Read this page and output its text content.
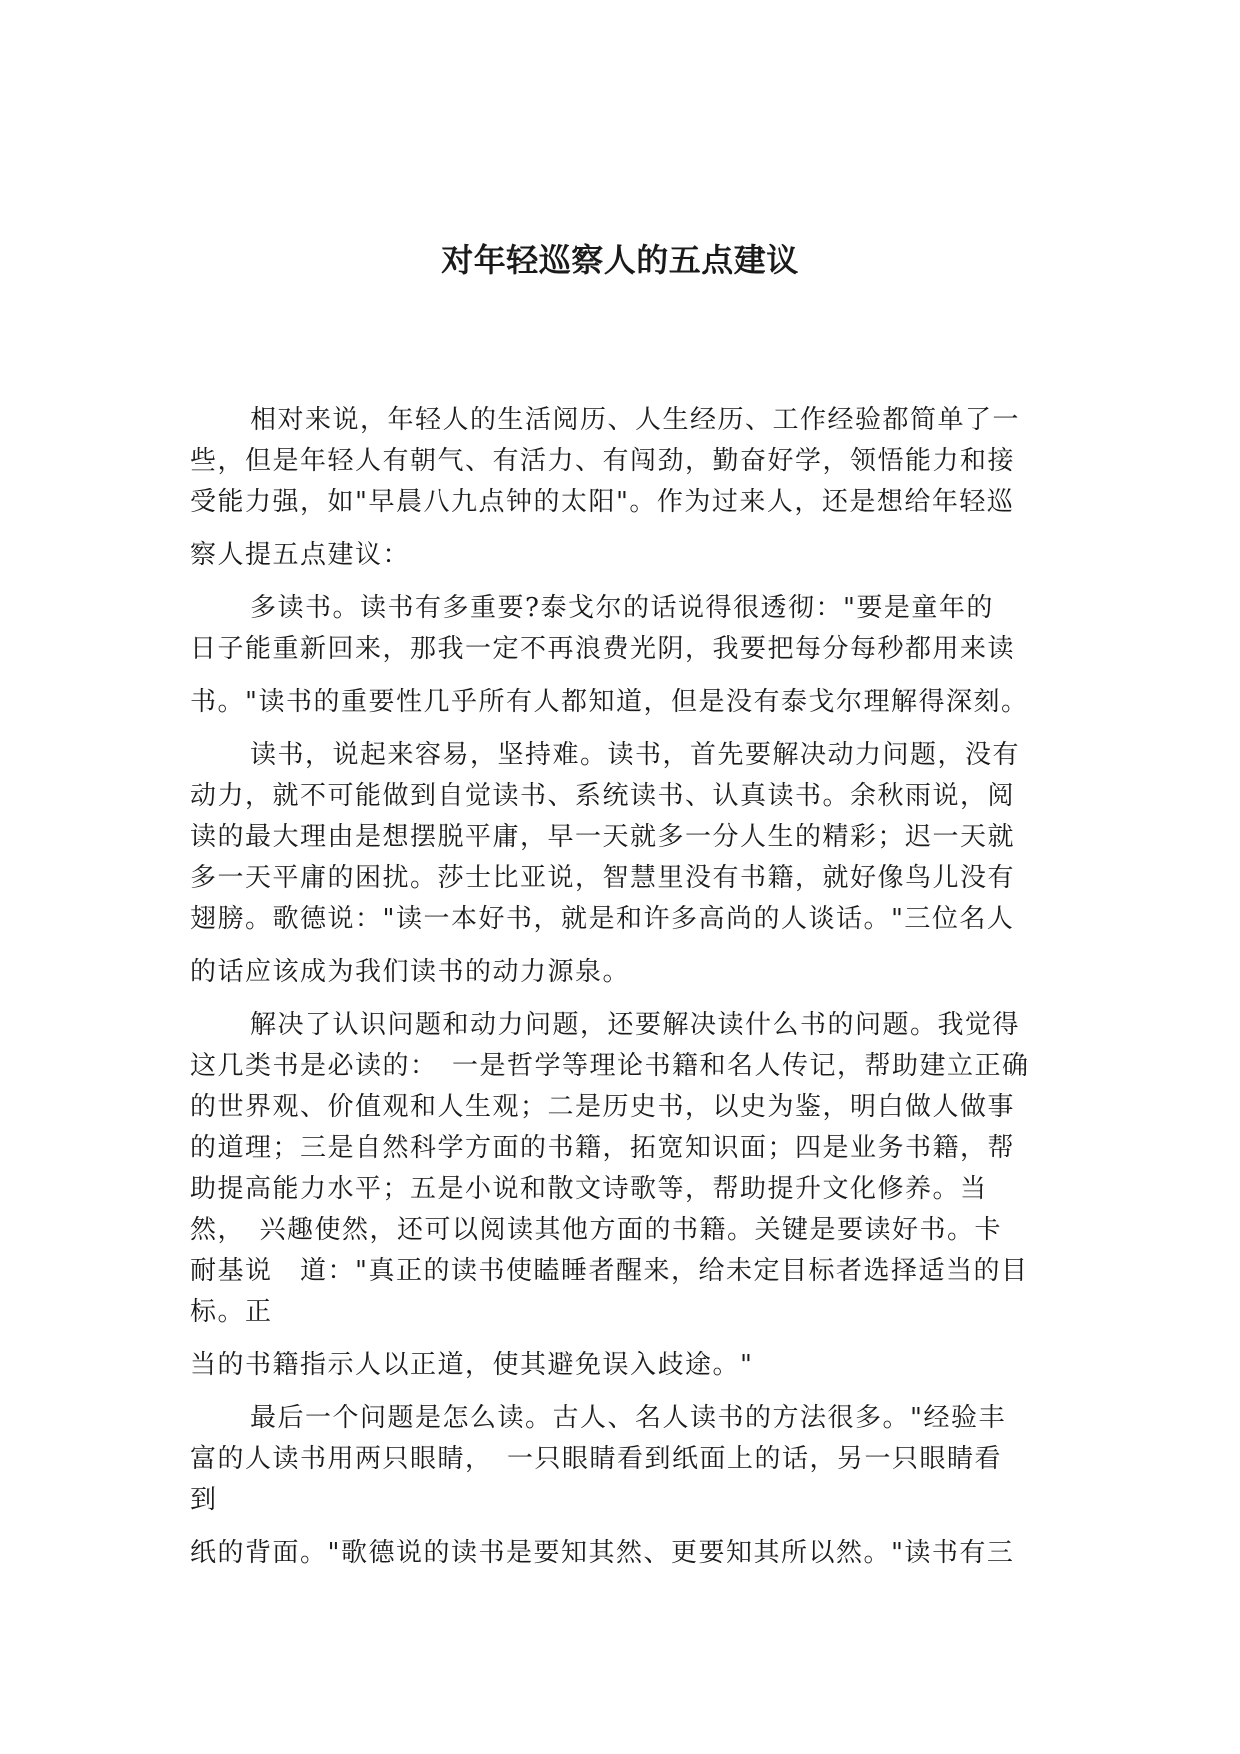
对年轻巡察人的五点建议

相对来说，年轻人的生活阅历、人生经历、工作经验都简单了一
些，但是年轻人有朝气、有活力、有闯劲，勤奋好学，领悟能力和接
受能力强，如"早晨八九点钟的太阳"。作为过来人，还是想给年轻巡
察人提五点建议：

多读书。读书有多重要?泰戈尔的话说得很透彻："要是童年的
日子能重新回来，那我一定不再浪费光阴，我要把每分每秒都用来读
书。"读书的重要性几乎所有人都知道，但是没有泰戈尔理解得深刻。

读书，说起来容易，坚持难。读书，首先要解决动力问题，没有
动力，就不可能做到自觉读书、系统读书、认真读书。余秋雨说，阅
读的最大理由是想摆脱平庸，早一天就多一分人生的精彩；迟一天就
多一天平庸的困扰。莎士比亚说，智慧里没有书籍，就好像鸟儿没有
翅膀。歌德说："读一本好书，就是和许多高尚的人谈话。"三位名人
的话应该成为我们读书的动力源泉。

解决了认识问题和动力问题，还要解决读什么书的问题。我觉得
这几类书是必读的：　一是哲学等理论书籍和名人传记，帮助建立正确
的世界观、价值观和人生观；二是历史书，以史为鉴，明白做人做事
的道理；三是自然科学方面的书籍，拓宽知识面；四是业务书籍，帮
助提高能力水平；五是小说和散文诗歌等，帮助提升文化修养。当
然，　兴趣使然，还可以阅读其他方面的书籍。关键是要读好书。卡
耐基说　道："真正的读书使瞌睡者醒来，给未定目标者选择适当的目
标。正
当的书籍指示人以正道，使其避免误入歧途。"

最后一个问题是怎么读。古人、名人读书的方法很多。"经验丰
富的人读书用两只眼睛，　一只眼睛看到纸面上的话，另一只眼睛看
到
纸的背面。"歌德说的读书是要知其然、更要知其所以然。"读书有三
